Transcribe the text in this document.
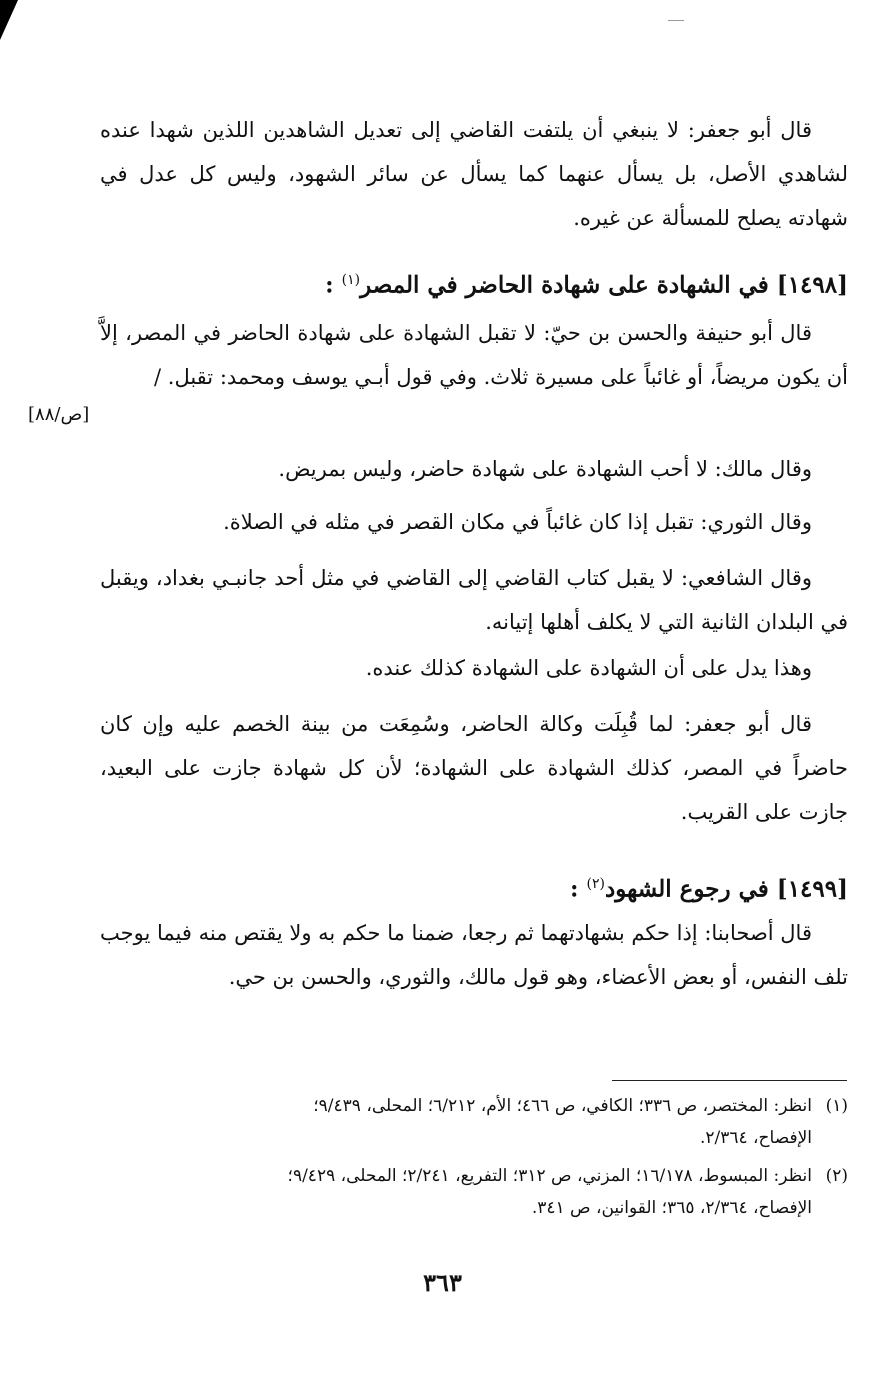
قال أبو جعفر: لا ينبغي أن يلتفت القاضي إلى تعديل الشاهدين اللذين شهدا عنده لشاهدي الأصل، بل يسأل عنهما كما يسأل عن سائر الشهود، وليس كل عدل في شهادته يصلح للمسألة عن غيره.

[١٤٩٨] في الشهادة على شهادة الحاضر في المصر$^{(١)}$ :

قال أبو حنيفة والحسن بن حيّ: لا تقبل الشهادة على شهادة الحاضر في المصر، إلاَّ أن يكون مريضاً، أو غائباً على مسيرة ثلاث. وفي قول أبـي يوسف ومحمد: تقبل. /

وقال مالك: لا أحب الشهادة على شهادة حاضر، وليس بمريض.

وقال الثوري: تقبل إذا كان غائباً في مكان القصر في مثله في الصلاة.

وقال الشافعي: لا يقبل كتاب القاضي إلى القاضي في مثل أحد جانبـي بغداد، ويقبل في البلدان الثانية التي لا يكلف أهلها إتيانه.

وهذا يدل على أن الشهادة على الشهادة كذلك عنده.

قال أبو جعفر: لما قُبِلَت وكالة الحاضر، وسُمِعَت من بينة الخصم عليه وإن كان حاضراً في المصر، كذلك الشهادة على الشهادة؛ لأن كل شهادة جازت على البعيد، جازت على القريب.

[١٤٩٩] في رجوع الشهود$^{(٢)}$ :

قال أصحابنا: إذا حكم بشهادتهما ثم رجعا، ضمنا ما حكم به ولا يقتص منه فيما يوجب تلف النفس، أو بعض الأعضاء، وهو قول مالك، والثوري، والحسن بن حي.

[ص/٨٨]
(١)انظر: المختصر، ص ٣٣٦؛ الكافي، ص ٤٦٦؛ الأم، ٦/٢١٢؛ المحلى، ٩/٤٣٩؛
الإفصاح، ٢/٣٦٤.
(٢)انظر: المبسوط، ١٦/١٧٨؛ المزني، ص ٣١٢؛ التفريع، ٢/٢٤١؛ المحلى، ٩/٤٢٩؛
الإفصاح، ٢/٣٦٤، ٣٦٥؛ القوانين، ص ٣٤١.
٣٦٣
